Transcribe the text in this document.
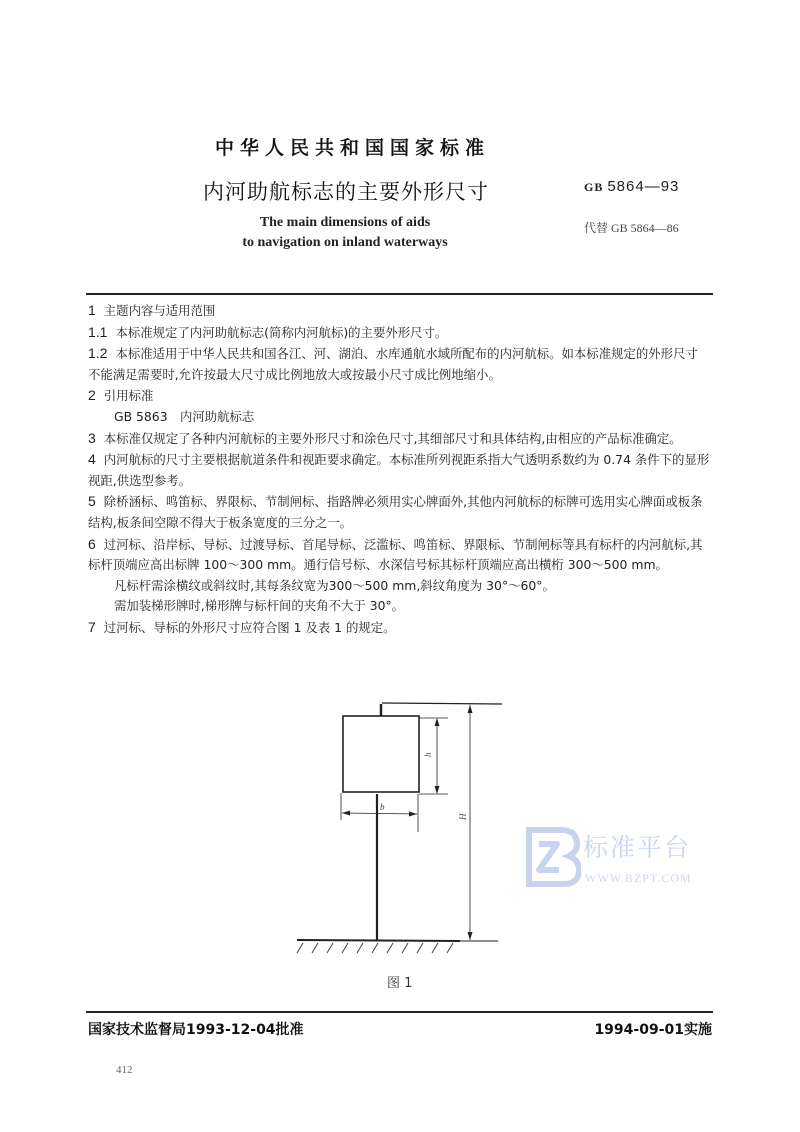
中华人民共和国国家标准
内河助航标志的主要外形尺寸
The main dimensions of aids
to navigation on inland waterways
GB 5864—93
代替 GB 5864—86

1 主题内容与适用范围

1.1 本标准规定了内河助航标志(简称内河航标)的主要外形尺寸。

1.2 本标准适用于中华人民共和国各江、河、湖泊、水库通航水域所配布的内河航标。如本标准规定的外形尺寸不能满足需要时,允许按最大尺寸成比例地放大或按最小尺寸成比例地缩小。

2 引用标准

GB 5863　内河助航标志

3 本标准仅规定了各种内河航标的主要外形尺寸和涂色尺寸,其细部尺寸和具体结构,由相应的产品标准确定。

4 内河航标的尺寸主要根据航道条件和视距要求确定。本标准所列视距系指大气透明系数约为 0.74 条件下的显形视距,供选型参考。

5 除桥涵标、鸣笛标、界限标、节制闸标、指路牌必须用实心牌面外,其他内河航标的标牌可选用实心牌面或板条结构,板条间空隙不得大于板条宽度的三分之一。

6 过河标、沿岸标、导标、过渡导标、首尾导标、泛滥标、鸣笛标、界限标、节制闸标等具有标杆的内河航标,其标杆顶端应高出标牌 100～300 mm。通行信号标、水深信号标其标杆顶端应高出横桁 300～500 mm。

凡标杆需涂横纹或斜纹时,其每条纹宽为300～500 mm,斜纹角度为 30°～60°。

需加装梯形牌时,梯形牌与标杆间的夹角不大于 30°。

7 过河标、导标的外形尺寸应符合图 1 及表 1 的规定。

h
b
H
图 1
标准平台
WWW.BZPT.COM
国家技术监督局1993-12-04批准	1994-09-01实施
412
